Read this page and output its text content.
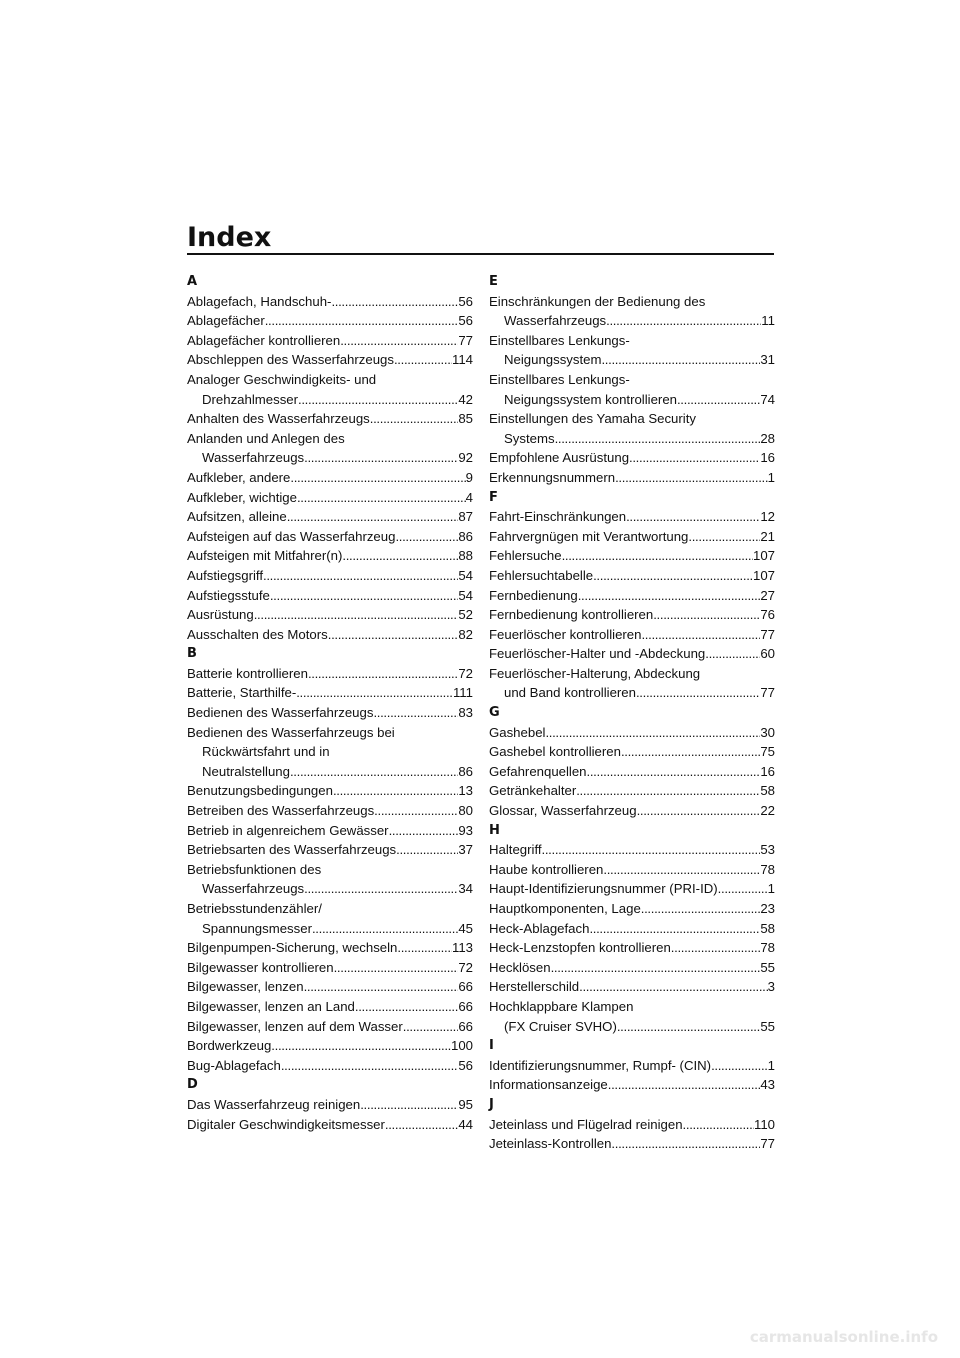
Index
A
Ablagefach, Handschuh- . . .	56
Ablagefächer . . .	56
Ablagefächer kontrollieren . . .	77
Abschleppen des Wasserfahrzeugs . . .	114
Analoger Geschwindigkeits- und
Drehzahlmesser . . .	42
Anhalten des Wasserfahrzeugs . . .	85
Anlanden und Anlegen des
Wasserfahrzeugs . . .	92
Aufkleber, andere . . .	9
Aufkleber, wichtige . . .	4
Aufsitzen, alleine . . .	87
Aufsteigen auf das Wasserfahrzeug . . .	86
Aufsteigen mit Mitfahrer(n) . . .	88
Aufstiegsgriff . . .	54
Aufstiegsstufe . . .	54
Ausrüstung . . .	52
Ausschalten des Motors . . .	82
B
Batterie kontrollieren . . .	72
Batterie, Starthilfe- . . .	111
Bedienen des Wasserfahrzeugs . . .	83
Bedienen des Wasserfahrzeugs bei
Rückwärtsfahrt und in
Neutralstellung . . .	86
Benutzungsbedingungen . . .	13
Betreiben des Wasserfahrzeugs . . .	80
Betrieb in algenreichem Gewässer . . .	93
Betriebsarten des Wasserfahrzeugs . . .	37
Betriebsfunktionen des
Wasserfahrzeugs . . .	34
Betriebsstundenzähler/
Spannungsmesser . . .	45
Bilgenpumpen-Sicherung, wechseln . . .	113
Bilgewasser kontrollieren . . .	72
Bilgewasser, lenzen . . .	66
Bilgewasser, lenzen an Land . . .	66
Bilgewasser, lenzen auf dem Wasser . . .	66
Bordwerkzeug . . .	100
Bug-Ablagefach . . .	56
D
Das Wasserfahrzeug reinigen . . .	95
Digitaler Geschwindigkeitsmesser . . .	44
E
Einschränkungen der Bedienung des
Wasserfahrzeugs . . .	11
Einstellbares Lenkungs-
Neigungssystem . . .	31
Einstellbares Lenkungs-
Neigungssystem kontrollieren . . .	74
Einstellungen des Yamaha Security
Systems . . .	28
Empfohlene Ausrüstung . . .	16
Erkennungsnummern . . .	1
F
Fahrt-Einschränkungen . . .	12
Fahrvergnügen mit Verantwortung . . .	21
Fehlersuche . . .	107
Fehlersuchtabelle . . .	107
Fernbedienung . . .	27
Fernbedienung kontrollieren . . .	76
Feuerlöscher kontrollieren . . .	77
Feuerlöscher-Halter und -Abdeckung . . .	60
Feuerlöscher-Halterung, Abdeckung
und Band kontrollieren . . .	77
G
Gashebel . . .	30
Gashebel kontrollieren . . .	75
Gefahrenquellen . . .	16
Getränkehalter . . .	58
Glossar, Wasserfahrzeug . . .	22
H
Haltegriff . . .	53
Haube kontrollieren . . .	78
Haupt-Identifizierungsnummer (PRI-ID) . . .	1
Hauptkomponenten, Lage . . .	23
Heck-Ablagefach . . .	58
Heck-Lenzstopfen kontrollieren . . .	78
Hecklösen . . .	55
Herstellerschild . . .	3
Hochklappbare Klampen
(FX Cruiser SVHO) . . .	55
I
Identifizierungsnummer, Rumpf- (CIN) . . .	1
Informationsanzeige . . .	43
J
Jeteinlass und Flügelrad reinigen . . .	110
Jeteinlass-Kontrollen . . .	77
carmanualsonline.info
